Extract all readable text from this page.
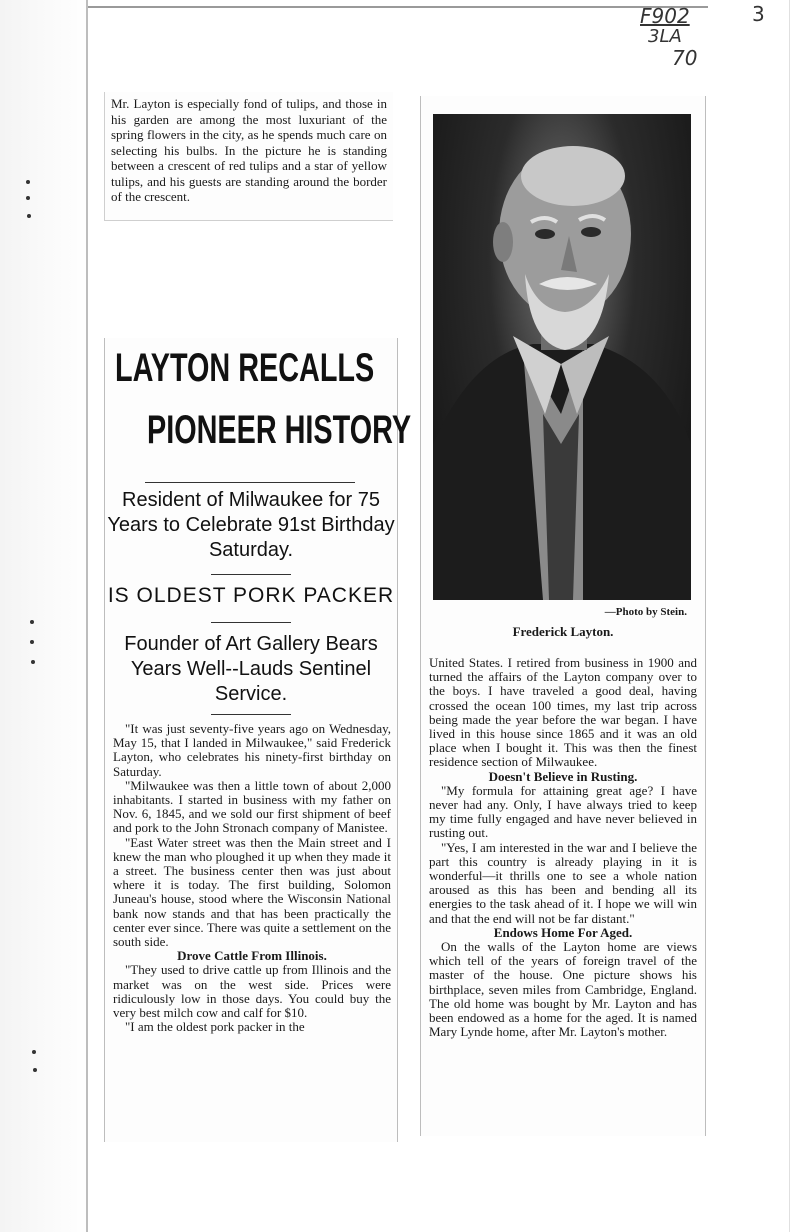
F902
3LA
70
3

Mr. Layton is especially fond of tulips, and those in his garden are among the most luxuriant of the spring flowers in the city, as he spends much care on selecting his bulbs. In the picture he is standing between a crescent of red tulips and a star of yellow tulips, and his guests are standing around the border of the crescent.

LAYTON RECALLS
PIONEER HISTORY

Resident of Milwaukee for 75 Years to Celebrate 91st Birthday Saturday.

IS OLDEST PORK PACKER

Founder of Art Gallery Bears Years Well--Lauds Sentinel Service.

"It was just seventy-five years ago on Wednesday, May 15, that I landed in Milwaukee," said Frederick Layton, who celebrates his ninety-first birthday on Saturday.

"Milwaukee was then a little town of about 2,000 inhabitants. I started in business with my father on Nov. 6, 1845, and we sold our first shipment of beef and pork to the John Stronach company of Manistee.

"East Water street was then the Main street and I knew the man who ploughed it up when they made it a street. The business center then was just about where it is today. The first building, Solomon Juneau's house, stood where the Wisconsin National bank now stands and that has been practically the center ever since. There was quite a settlement on the south side.

Drove Cattle From Illinois.

"They used to drive cattle up from Illinois and the market was on the west side. Prices were ridiculously low in those days. You could buy the very best milch cow and calf for $10.

"I am the oldest pork packer in the

—Photo by Stein.

Frederick Layton.

United States. I retired from business in 1900 and turned the affairs of the Layton company over to the boys. I have traveled a good deal, having crossed the ocean 100 times, my last trip across being made the year before the war began. I have lived in this house since 1865 and it was an old place when I bought it. This was then the finest residence section of Milwaukee.

Doesn't Believe in Rusting.

"My formula for attaining great age? I have never had any. Only, I have always tried to keep my time fully engaged and have never believed in rusting out.

"Yes, I am interested in the war and I believe the part this country is already playing in it is wonderful—it thrills one to see a whole nation aroused as this has been and bending all its energies to the task ahead of it. I hope we will win and that the end will not be far distant."

Endows Home For Aged.

On the walls of the Layton home are views which tell of the years of foreign travel of the master of the house. One picture shows his birthplace, seven miles from Cambridge, England. The old home was bought by Mr. Layton and has been endowed as a home for the aged. It is named Mary Lynde home, after Mr. Layton's mother.
